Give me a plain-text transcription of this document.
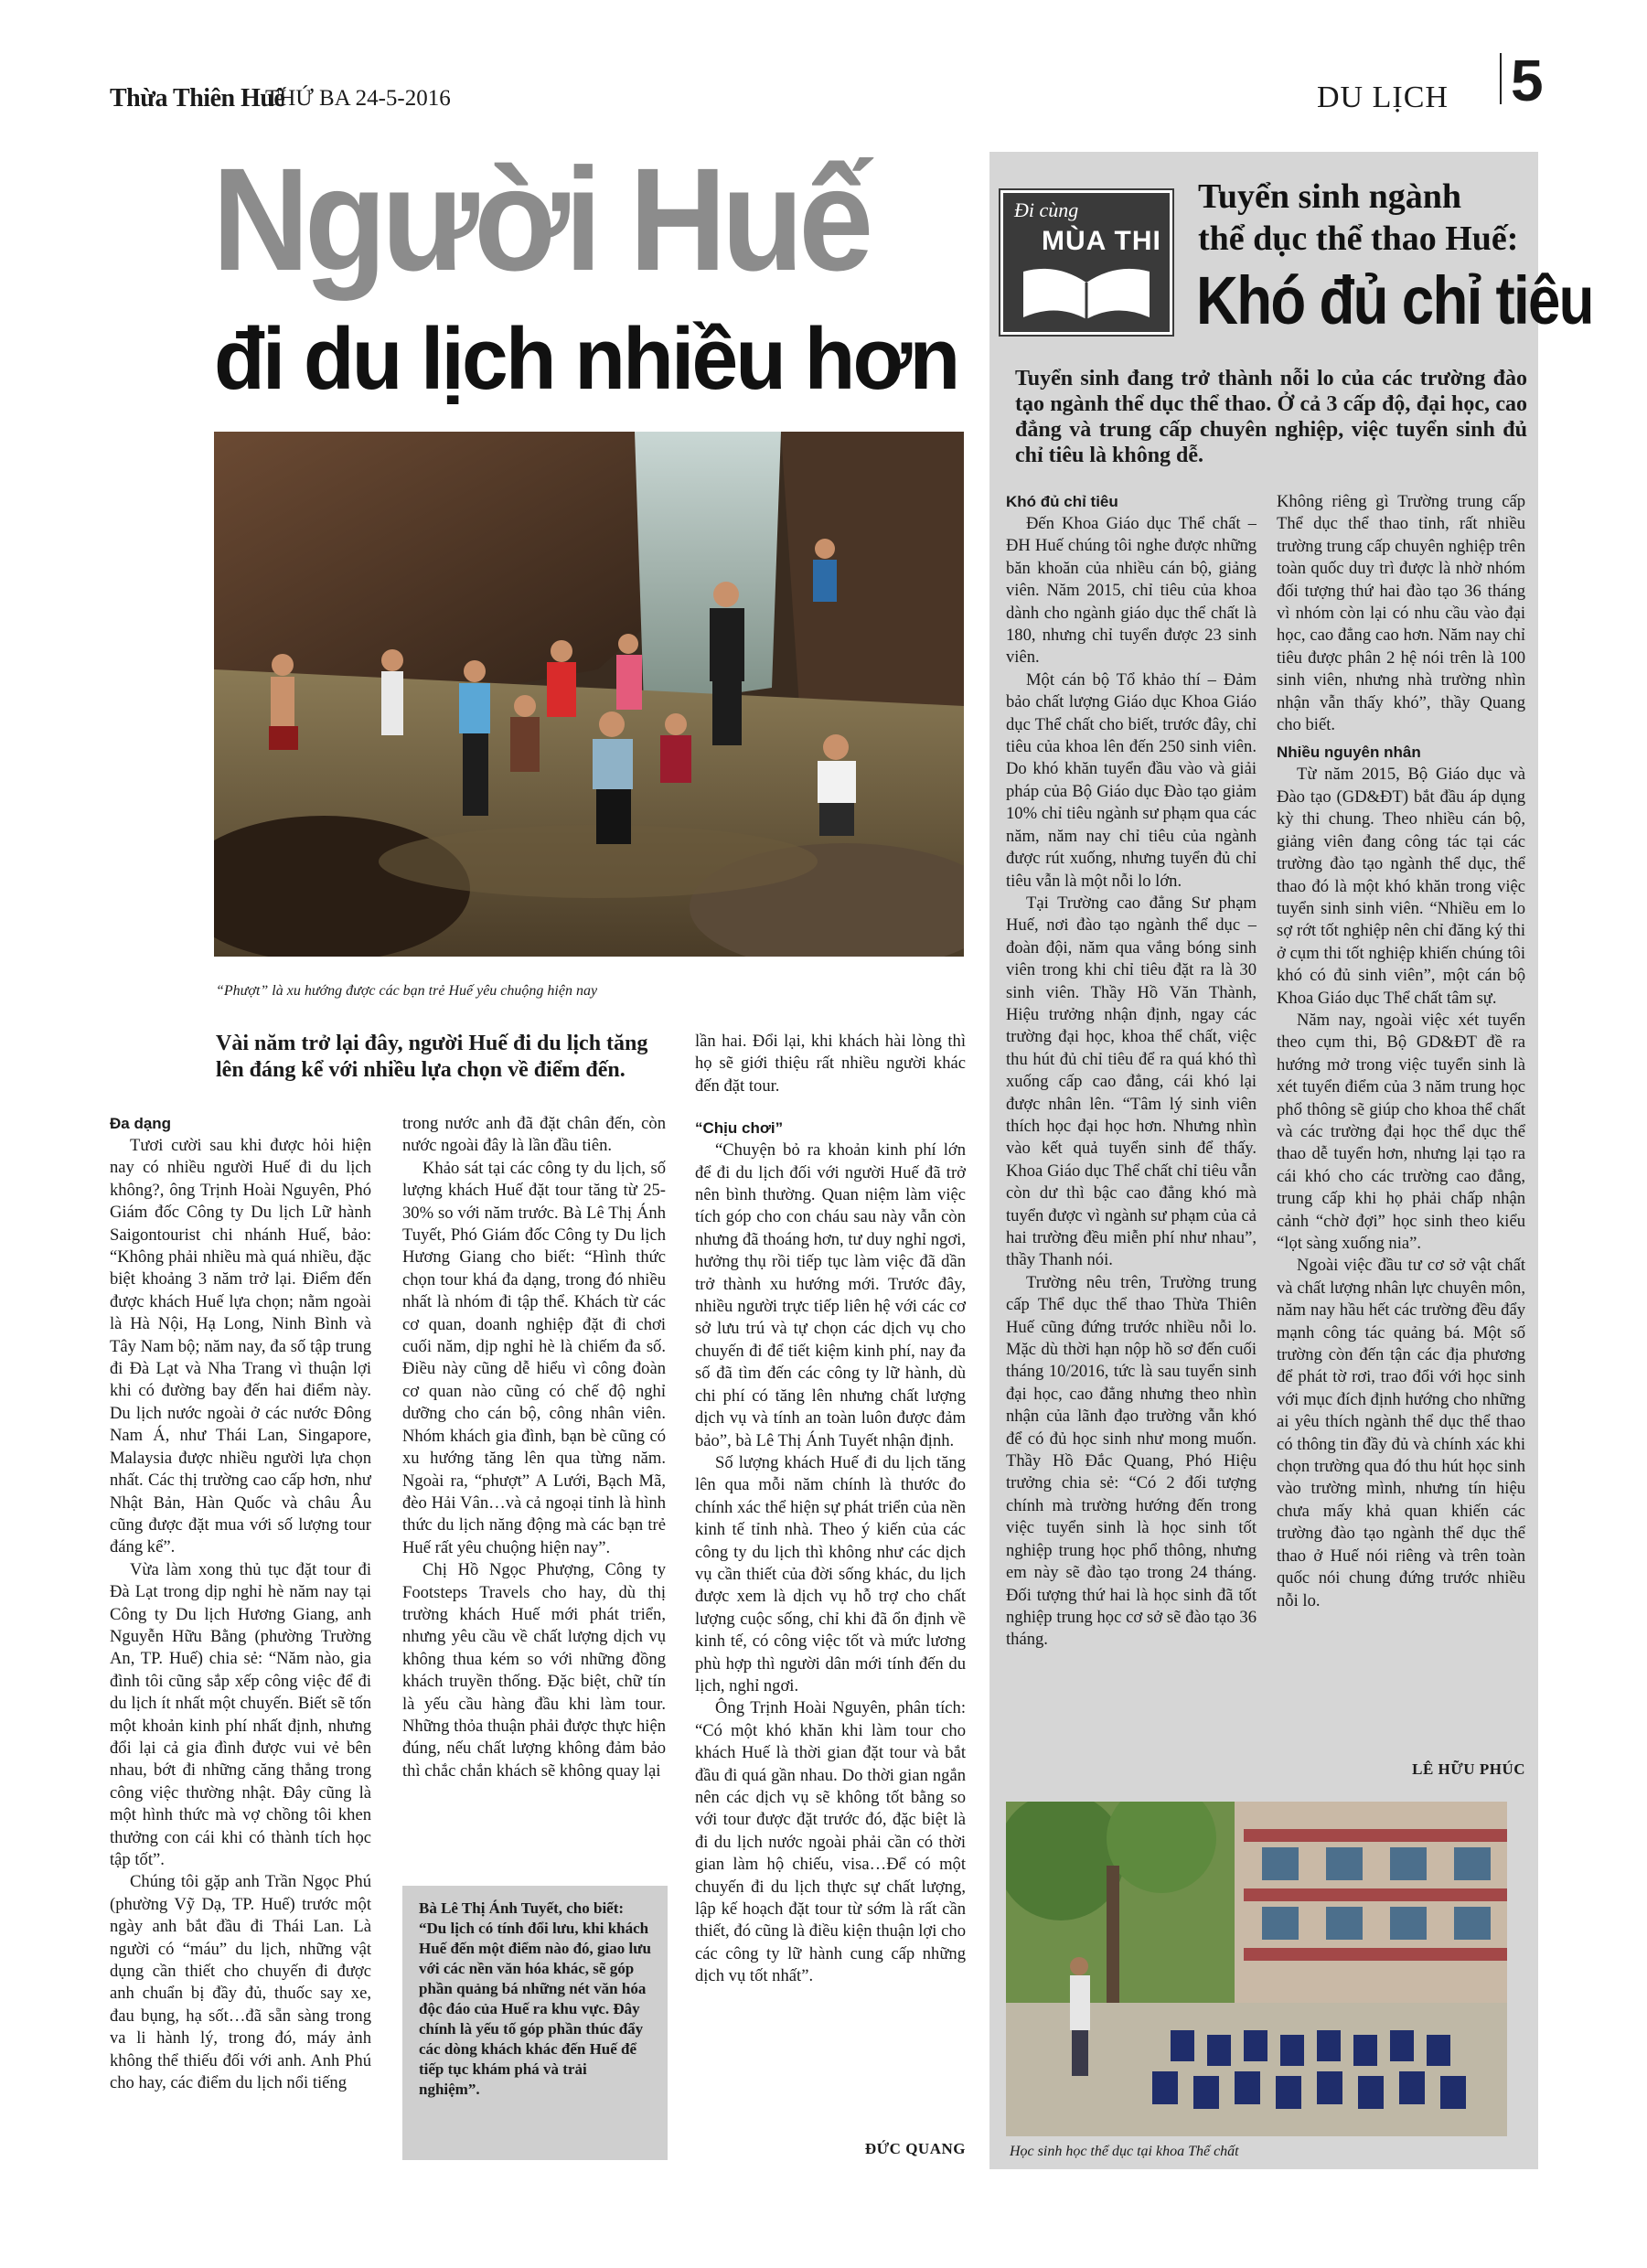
Thừa Thiên Huế
THỨ BA 24-5-2016	DU LỊCH 5
Người Huế
đi du lịch nhiều hơn
“Phượt” là xu hướng được các bạn trẻ Huế yêu chuộng hiện nay
Vài năm trở lại đây, người Huế đi du lịch tăng lên đáng kể với nhiều lựa chọn về điểm đến.
Đa dạng

Tươi cười sau khi được hỏi hiện nay có nhiều người Huế đi du lịch không?, ông Trịnh Hoài Nguyên, Phó Giám đốc Công ty Du lịch Lữ hành Saigontourist chi nhánh Huế, bảo: “Không phải nhiều mà quá nhiều, đặc biệt khoảng 3 năm trở lại. Điểm đến được khách Huế lựa chọn; nằm ngoài là Hà Nội, Hạ Long, Ninh Bình và Tây Nam bộ; năm nay, đa số tập trung đi Đà Lạt và Nha Trang vì thuận lợi khi có đường bay đến hai điểm này. Du lịch nước ngoài ở các nước Đông Nam Á, như Thái Lan, Singapore, Malaysia được nhiều người lựa chọn nhất. Các thị trường cao cấp hơn, như Nhật Bản, Hàn Quốc và châu Âu cũng được đặt mua với số lượng tour đáng kể”.

Vừa làm xong thủ tục đặt tour đi Đà Lạt trong dịp nghỉ hè năm nay tại Công ty Du lịch Hương Giang, anh Nguyễn Hữu Bằng (phường Trường An, TP. Huế) chia sẻ: “Năm nào, gia đình tôi cũng sắp xếp công việc để đi du lịch ít nhất một chuyến. Biết sẽ tốn một khoản kinh phí nhất định, nhưng đổi lại cả gia đình được vui vẻ bên nhau, bớt đi những căng thẳng trong công việc thường nhật. Đây cũng là một hình thức mà vợ chồng tôi khen thưởng con cái khi có thành tích học tập tốt”.

Chúng tôi gặp anh Trần Ngọc Phú (phường Vỹ Dạ, TP. Huế) trước một ngày anh bắt đầu đi Thái Lan. Là người có “máu” du lịch, những vật dụng cần thiết cho chuyến đi được anh chuẩn bị đầy đủ, thuốc say xe, đau bụng, hạ sốt…đã sẵn sàng trong va li hành lý, trong đó, máy ảnh không thể thiếu đối với anh. Anh Phú cho hay, các điểm du lịch nổi tiếng

trong nước anh đã đặt chân đến, còn nước ngoài đây là lần đầu tiên.

Khảo sát tại các công ty du lịch, số lượng khách Huế đặt tour tăng từ 25-30% so với năm trước. Bà Lê Thị Ánh Tuyết, Phó Giám đốc Công ty Du lịch Hương Giang cho biết: “Hình thức chọn tour khá đa dạng, trong đó nhiều nhất là nhóm đi tập thể. Khách từ các cơ quan, doanh nghiệp đặt đi chơi cuối năm, dịp nghỉ hè là chiếm đa số. Điều này cũng dễ hiểu vì công đoàn cơ quan nào cũng có chế độ nghỉ dưỡng cho cán bộ, công nhân viên. Nhóm khách gia đình, bạn bè cũng có xu hướng tăng lên qua từng năm. Ngoài ra, “phượt” A Lưới, Bạch Mã, đèo Hải Vân…và cả ngoại tỉnh là hình thức du lịch năng động mà các bạn trẻ Huế rất yêu chuộng hiện nay”.

Chị Hồ Ngọc Phượng, Công ty Footsteps Travels cho hay, dù thị trường khách Huế mới phát triển, nhưng yêu cầu về chất lượng dịch vụ không thua kém so với những đồng khách truyền thống. Đặc biệt, chữ tín là yếu cầu hàng đầu khi làm tour. Những thỏa thuận phải được thực hiện đúng, nếu chất lượng không đảm bảo thì chắc chắn khách sẽ không quay lại

Bà Lê Thị Ánh Tuyết, cho biết: “Du lịch có tính đổi lưu, khi khách Huế đến một điểm nào đó, giao lưu với các nền văn hóa khác, sẽ góp phần quảng bá những nét văn hóa độc đáo của Huế ra khu vực. Đây chính là yếu tố góp phần thúc đẩy các dòng khách khác đến Huế để tiếp tục khám phá và trải nghiệm”.

lần hai. Đổi lại, khi khách hài lòng thì họ sẽ giới thiệu rất nhiều người khác đến đặt tour.

“Chịu chơi”

“Chuyện bỏ ra khoản kinh phí lớn để đi du lịch đối với người Huế đã trở nên bình thường. Quan niệm làm việc tích góp cho con cháu sau này vẫn còn nhưng đã thoáng hơn, tư duy nghỉ ngơi, hưởng thụ rồi tiếp tục làm việc đã dần trở thành xu hướng mới. Trước đây, nhiều người trực tiếp liên hệ với các cơ sở lưu trú và tự chọn các dịch vụ cho chuyến đi để tiết kiệm kinh phí, nay đa số đã tìm đến các công ty lữ hành, dù chi phí có tăng lên nhưng chất lượng dịch vụ và tính an toàn luôn được đảm bảo”, bà Lê Thị Ánh Tuyết nhận định.

Số lượng khách Huế đi du lịch tăng lên qua mỗi năm chính là thước đo chính xác thể hiện sự phát triển của nền kinh tế tỉnh nhà. Theo ý kiến của các công ty du lịch thì không như các dịch vụ cần thiết của đời sống khác, du lịch được xem là dịch vụ hỗ trợ cho chất lượng cuộc sống, chỉ khi đã ổn định về kinh tế, có công việc tốt và mức lương phù hợp thì người dân mới tính đến du lịch, nghỉ ngơi.

Ông Trịnh Hoài Nguyên, phân tích: “Có một khó khăn khi làm tour cho khách Huế là thời gian đặt tour và bắt đầu đi quá gần nhau. Do thời gian ngắn nên các dịch vụ sẽ không tốt bằng so với tour được đặt trước đó, đặc biệt là đi du lịch nước ngoài phải cần có thời gian làm hộ chiếu, visa…Để có một chuyến đi du lịch thực sự chất lượng, lập kế hoạch đặt tour từ sớm là rất cần thiết, đó cũng là điều kiện thuận lợi cho các công ty lữ hành cung cấp những dịch vụ tốt nhất”.

ĐỨC QUANG
Đi cùng
MÙA THI
Tuyển sinh ngành
thể dục thể thao Huế:
Khó đủ chỉ tiêu
Tuyển sinh đang trở thành nỗi lo của các trường đào tạo ngành thể dục thể thao. Ở cả 3 cấp độ, đại học, cao đẳng và trung cấp chuyên nghiệp, việc tuyển sinh đủ chỉ tiêu là không dễ.
Khó đủ chỉ tiêu

Đến Khoa Giáo dục Thể chất – ĐH Huế chúng tôi nghe được những băn khoăn của nhiều cán bộ, giảng viên. Năm 2015, chỉ tiêu của khoa dành cho ngành giáo dục thể chất là 180, nhưng chỉ tuyển được 23 sinh viên.

Một cán bộ Tổ khảo thí – Đảm bảo chất lượng Giáo dục Khoa Giáo dục Thể chất cho biết, trước đây, chỉ tiêu của khoa lên đến 250 sinh viên. Do khó khăn tuyển đầu vào và giải pháp của Bộ Giáo dục Đào tạo giảm 10% chỉ tiêu ngành sư phạm qua các năm, năm nay chỉ tiêu của ngành được rút xuống, nhưng tuyển đủ chỉ tiêu vẫn là một nỗi lo lớn.

Tại Trường cao đẳng Sư phạm Huế, nơi đào tạo ngành thể dục – đoàn đội, năm qua vắng bóng sinh viên trong khi chỉ tiêu đặt ra là 30 sinh viên. Thầy Hồ Văn Thành, Hiệu trưởng nhận định, ngay các trường đại học, khoa thể chất, việc thu hút đủ chỉ tiêu để ra quá khó thì xuống cấp cao đẳng, cái khó lại được nhân lên. “Tâm lý sinh viên thích học đại học hơn. Nhưng nhìn vào kết quả tuyển sinh để thấy. Khoa Giáo dục Thể chất chỉ tiêu vẫn còn dư thì bậc cao đẳng khó mà tuyển được vì ngành sư phạm của cả hai trường đều miễn phí như nhau”, thầy Thanh nói.

Trường nêu trên, Trường trung cấp Thể dục thể thao Thừa Thiên Huế cũng đứng trước nhiều nỗi lo. Mặc dù thời hạn nộp hồ sơ đến cuối tháng 10/2016, tức là sau tuyển sinh đại học, cao đẳng nhưng theo nhìn nhận của lãnh đạo trường vẫn khó để có đủ học sinh như mong muốn. Thầy Hồ Đắc Quang, Phó Hiệu trưởng chia sẻ: “Có 2 đối tượng chính mà trường hướng đến trong việc tuyển sinh là học sinh tốt nghiệp trung học phổ thông, nhưng em này sẽ đào tạo trong 24 tháng. Đối tượng thứ hai là học sinh đã tốt nghiệp trung học cơ sở sẽ đào tạo 36 tháng.

Không riêng gì Trường trung cấp Thể dục thể thao tỉnh, rất nhiều trường trung cấp chuyên nghiệp trên toàn quốc duy trì được là nhờ nhóm đối tượng thứ hai đào tạo 36 tháng vì nhóm còn lại có nhu cầu vào đại học, cao đẳng cao hơn. Năm nay chỉ tiêu được phân 2 hệ nói trên là 100 sinh viên, nhưng nhà trường nhìn nhận vẫn thấy khó”, thầy Quang cho biết.

Nhiều nguyên nhân

Từ năm 2015, Bộ Giáo dục và Đào tạo (GD&ĐT) bắt đầu áp dụng kỳ thi chung. Theo nhiều cán bộ, giảng viên đang công tác tại các trường đào tạo ngành thể dục, thể thao đó là một khó khăn trong việc tuyển sinh sinh viên. “Nhiều em lo sợ rớt tốt nghiệp nên chỉ đăng ký thi ở cụm thi tốt nghiệp khiến chúng tôi khó có đủ sinh viên”, một cán bộ Khoa Giáo dục Thể chất tâm sự.

Năm nay, ngoài việc xét tuyển theo cụm thi, Bộ GD&ĐT đề ra hướng mở trong việc tuyển sinh là xét tuyển điểm của 3 năm trung học phổ thông sẽ giúp cho khoa thể chất và các trường đại học thể dục thể thao dễ tuyển hơn, nhưng lại tạo ra cái khó cho các trường cao đẳng, trung cấp khi họ phải chấp nhận cảnh “chờ đợi” học sinh theo kiểu “lọt sàng xuống nia”.

Ngoài việc đầu tư cơ sở vật chất và chất lượng nhân lực chuyên môn, năm nay hầu hết các trường đều đẩy mạnh công tác quảng bá. Một số trường còn đến tận các địa phương để phát tờ rơi, trao đổi với học sinh với mục đích định hướng cho những ai yêu thích ngành thể dục thể thao có thông tin đầy đủ và chính xác khi chọn trường qua đó thu hút học sinh vào trường mình, nhưng tín hiệu chưa mấy khả quan khiến các trường đào tạo ngành thể dục thể thao ở Huế nói riêng và trên toàn quốc nói chung đứng trước nhiều nỗi lo.

LÊ HỮU PHÚC
Học sinh học thể dục tại khoa Thể chất
